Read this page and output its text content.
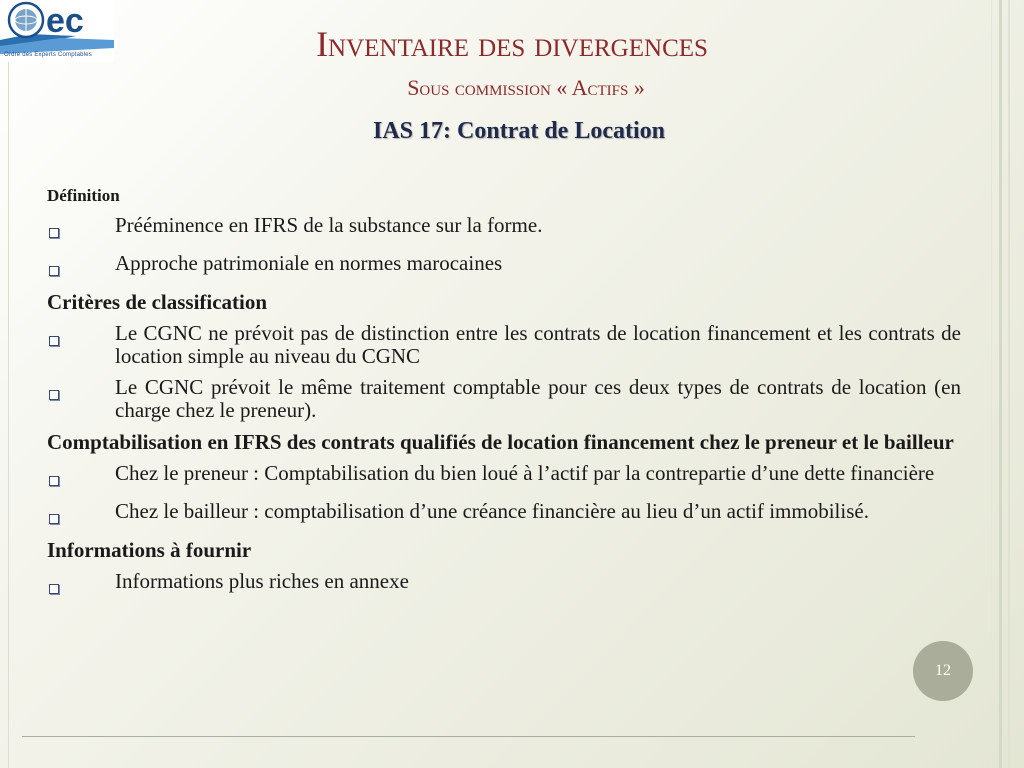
ec
Ordre des Experts Comptables	Inventaire des divergences
Sous commission « Actifs »
IAS 17: Contrat de Location
Définition
Prééminence en IFRS de la substance sur la forme.
Approche patrimoniale en normes marocaines
Critères de classification
Le CGNC ne prévoit pas de distinction entre les contrats de location financement et les contrats de location simple au niveau du CGNC
Le CGNC prévoit le même traitement comptable pour ces deux types de contrats de location (en charge chez le preneur).
Comptabilisation en IFRS des contrats qualifiés de location financement chez le preneur et le bailleur
Chez le preneur : Comptabilisation du bien loué à l’actif par la contrepartie d’une dette financière
Chez le bailleur : comptabilisation d’une créance financière au lieu d’un actif immobilisé.
Informations à fournir
Informations plus riches en annexe
12
